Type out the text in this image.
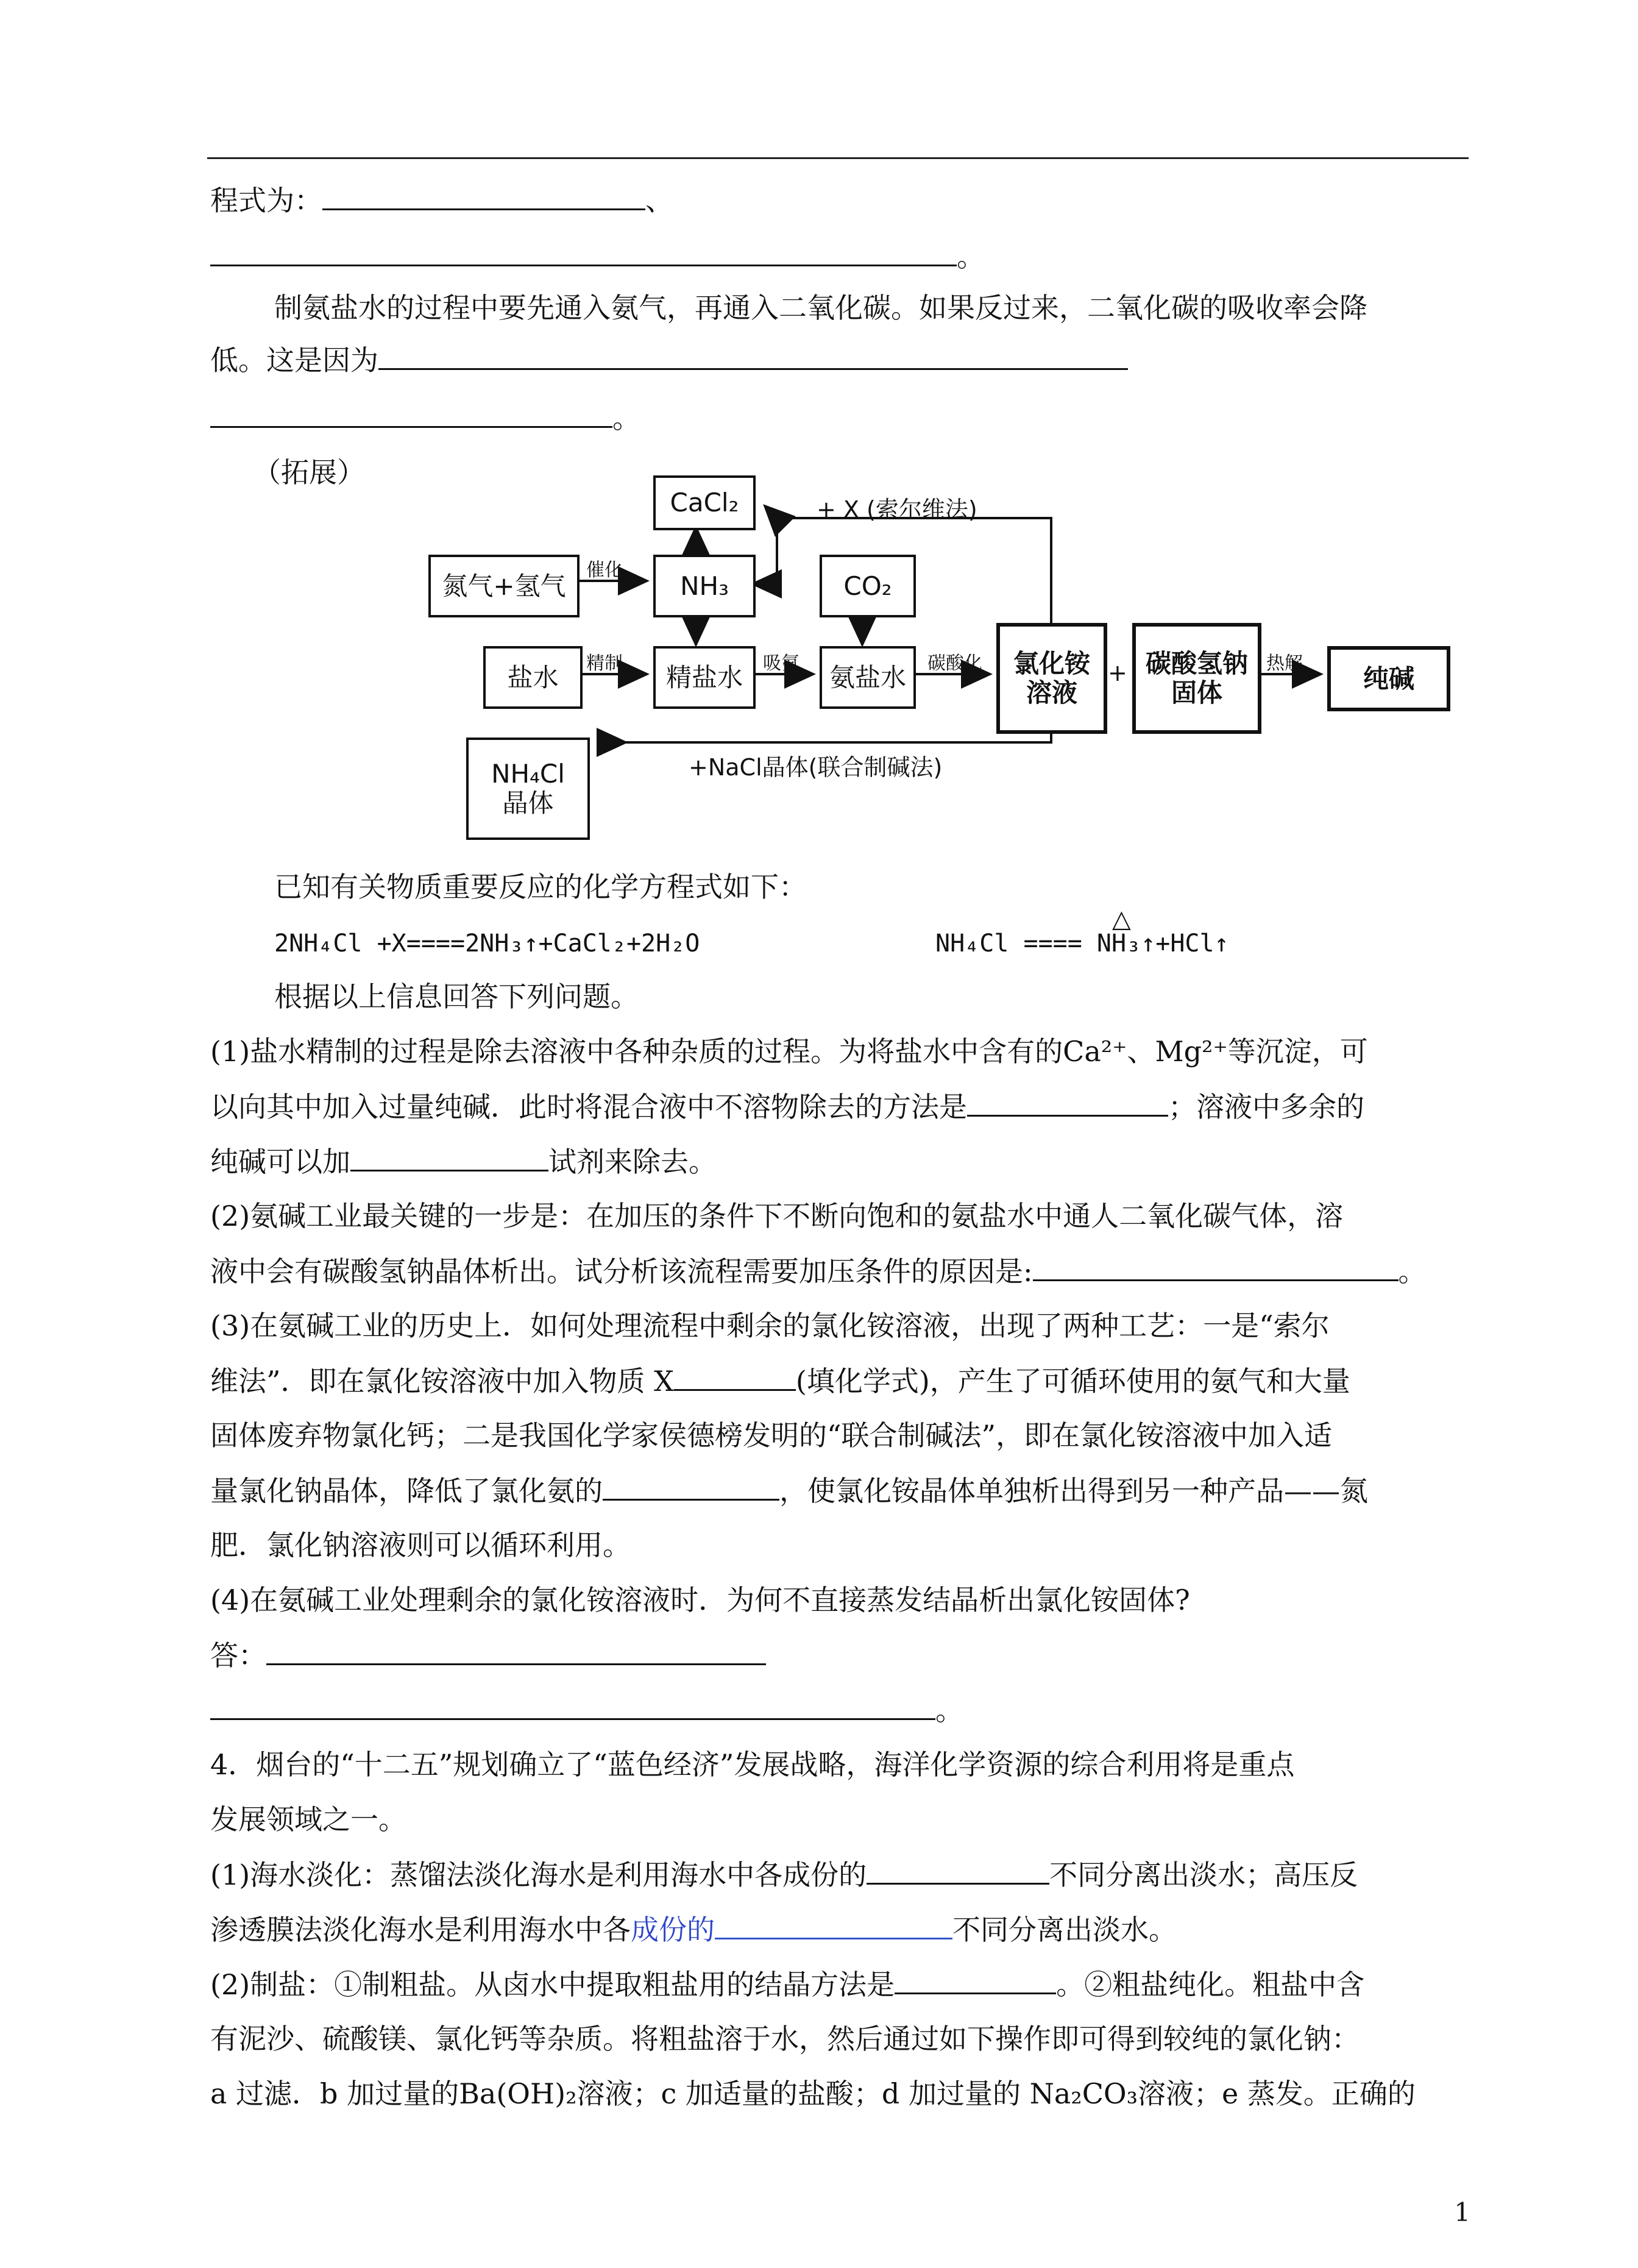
程式为：	、
。
制氨盐水的过程中要先通入氨气，再通入二氧化碳。如果反过来，二氧化碳的吸收率会降
低。这是因为
。
（拓展）
CaCl₂
氮气+氢气	NH₃	CO₂
盐水	精盐水	氨盐水	氯化铵
溶液
+ 碳酸氢钠
固体	纯碱
NH₄Cl
晶体
催化
精制	吸氨	碳酸化	热解
+ X (索尔维法)
+NaCl晶体(联合制碱法)
已知有关物质重要反应的化学方程式如下：
△
2NH₄Cl +X====2NH₃↑+CaCl₂+2H₂O	NH₄Cl ==== NH₃↑+HCl↑
根据以上信息回答下列问题。
(1)盐水精制的过程是除去溶液中各种杂质的过程。为将盐水中含有的Ca²⁺、Mg²⁺等沉淀，可
以向其中加入过量纯碱．此时将混合液中不溶物除去的方法是	；溶液中多余的
纯碱可以加	试剂来除去。
(2)氨碱工业最关键的一步是：在加压的条件下不断向饱和的氨盐水中通人二氧化碳气体，溶
液中会有碳酸氢钠晶体析出。试分析该流程需要加压条件的原因是:	。
(3)在氨碱工业的历史上．如何处理流程中剩余的氯化铵溶液，出现了两种工艺：一是“索尔
维法”．即在氯化铵溶液中加入物质 X	(填化学式)，产生了可循环使用的氨气和大量
固体废弃物氯化钙；二是我国化学家侯德榜发明的“联合制碱法”，即在氯化铵溶液中加入适
量氯化钠晶体，降低了氯化氨的	，使氯化铵晶体单独析出得到另一种产品——氮
肥．氯化钠溶液则可以循环利用。
(4)在氨碱工业处理剩余的氯化铵溶液时．为何不直接蒸发结晶析出氯化铵固体?
答：
。
4．烟台的“十二五”规划确立了“蓝色经济”发展战略，海洋化学资源的综合利用将是重点
发展领域之一。
(1)海水淡化：蒸馏法淡化海水是利用海水中各成份的	不同分离出淡水；高压反
渗透膜法淡化海水是利用海水中各成份的	不同分离出淡水。
(2)制盐：①制粗盐。从卤水中提取粗盐用的结晶方法是	。②粗盐纯化。粗盐中含
有泥沙、硫酸镁、氯化钙等杂质。将粗盐溶于水，然后通过如下操作即可得到较纯的氯化钠：
a 过滤．b 加过量的Ba(OH)₂溶液；c 加适量的盐酸；d 加过量的 Na₂CO₃溶液；e 蒸发。正确的
1
